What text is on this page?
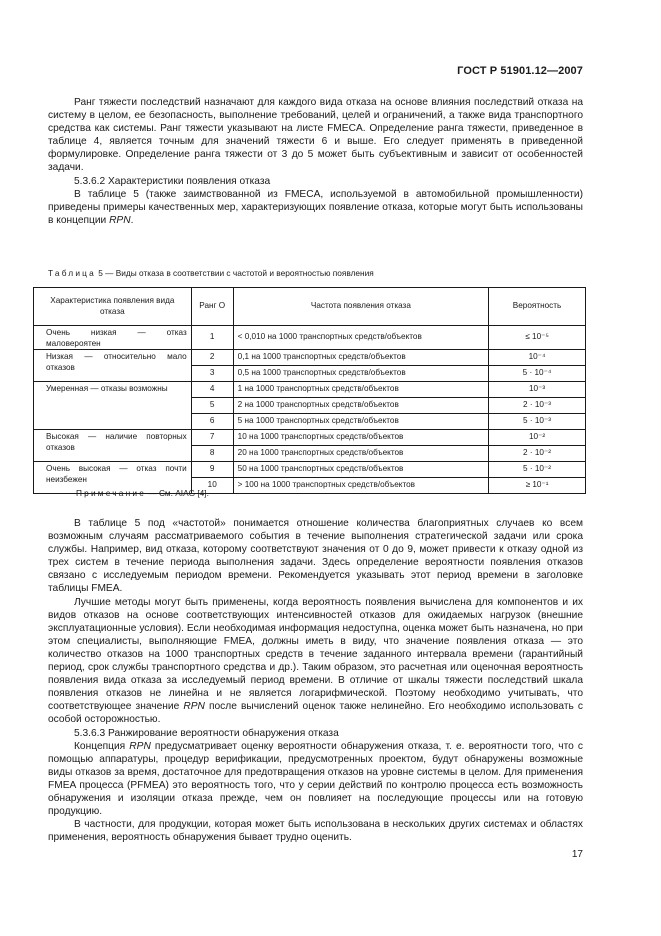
ГОСТ Р 51901.12—2007

Ранг тяжести последствий назначают для каждого вида отказа на основе влияния последствий отказа на систему в целом, ее безопасность, выполнение требований, целей и ограничений, а также вида транспортного средства как системы. Ранг тяжести указывают на листе FMECA. Определение ранга тяжести, приведенное в таблице 4, является точным для значений тяжести 6 и выше. Его следует применять в приведенной формулировке. Определение ранга тяжести от 3 до 5 может быть субъективным и зависит от особенностей задачи.

5.3.6.2 Характеристики появления отказа

В таблице 5 (также заимствованной из FMECA, используемой в автомобильной промышленности) приведены примеры качественных мер, характеризующих появление отказа, которые могут быть использованы в концепции RPN.

Таблица 5 — Виды отказа в соответствии с частотой и вероятностью появления
Характеристика появления вида отказа	Ранг О	Частота появления отказа	Вероятность
Очень низкая — отказ маловероятен	1	< 0,010 на 1000 транспортных средств/объектов	≤ 10⁻⁵
Низкая — относительно мало отказов	2	0,1 на 1000 транспортных средств/объектов	10⁻⁴
	3	0,5 на 1000 транспортных средств/объектов	5 · 10⁻⁴
Умеренная — отказы возможны	4	1 на 1000 транспортных средств/объектов	10⁻³
	5	2 на 1000 транспортных средств/объектов	2 · 10⁻³
	6	5 на 1000 транспортных средств/объектов	5 · 10⁻³
Высокая — наличие повторных отказов	7	10 на 1000 транспортных средств/объектов	10⁻²
	8	20 на 1000 транспортных средств/объектов	2 · 10⁻²
Очень высокая — отказ почти неизбежен	9	50 на 1000 транспортных средств/объектов	5 · 10⁻²
	10	> 100 на 1000 транспортных средств/объектов	≥ 10⁻¹
Примечание — См. AIAG [4].

В таблице 5 под «частотой» понимается отношение количества благоприятных случаев ко всем возможным случаям рассматриваемого события в течение выполнения стратегической задачи или срока службы. Например, вид отказа, которому соответствуют значения от 0 до 9, может привести к отказу одной из трех систем в течение периода выполнения задачи. Здесь определение вероятности появления отказов связано с исследуемым периодом времени. Рекомендуется указывать этот период времени в заголовке таблицы FMEA.

Лучшие методы могут быть применены, когда вероятность появления вычислена для компонентов и их видов отказов на основе соответствующих интенсивностей отказов для ожидаемых нагрузок (внешние эксплуатационные условия). Если необходимая информация недоступна, оценка может быть назначена, но при этом специалисты, выполняющие FMEA, должны иметь в виду, что значение появления отказа — это количество отказов на 1000 транспортных средств в течение заданного интервала времени (гарантийный период, срок службы транспортного средства и др.). Таким образом, это расчетная или оценочная вероятность появления вида отказа за исследуемый период времени. В отличие от шкалы тяжести последствий шкала появления отказов не линейна и не является логарифмической. Поэтому необходимо учитывать, что соответствующее значение RPN после вычислений оценок также нелинейно. Его необходимо использовать с особой осторожностью.

5.3.6.3 Ранжирование вероятности обнаружения отказа

Концепция RPN предусматривает оценку вероятности обнаружения отказа, т. е. вероятности того, что с помощью аппаратуры, процедур верификации, предусмотренных проектом, будут обнаружены возможные виды отказов за время, достаточное для предотвращения отказов на уровне системы в целом. Для применения FMEA процесса (PFMEA) это вероятность того, что у серии действий по контролю процесса есть возможность обнаружения и изоляции отказа прежде, чем он повлияет на последующие процессы или на готовую продукцию.

В частности, для продукции, которая может быть использована в нескольких других системах и областях применения, вероятность обнаружения бывает трудно оценить.

17
